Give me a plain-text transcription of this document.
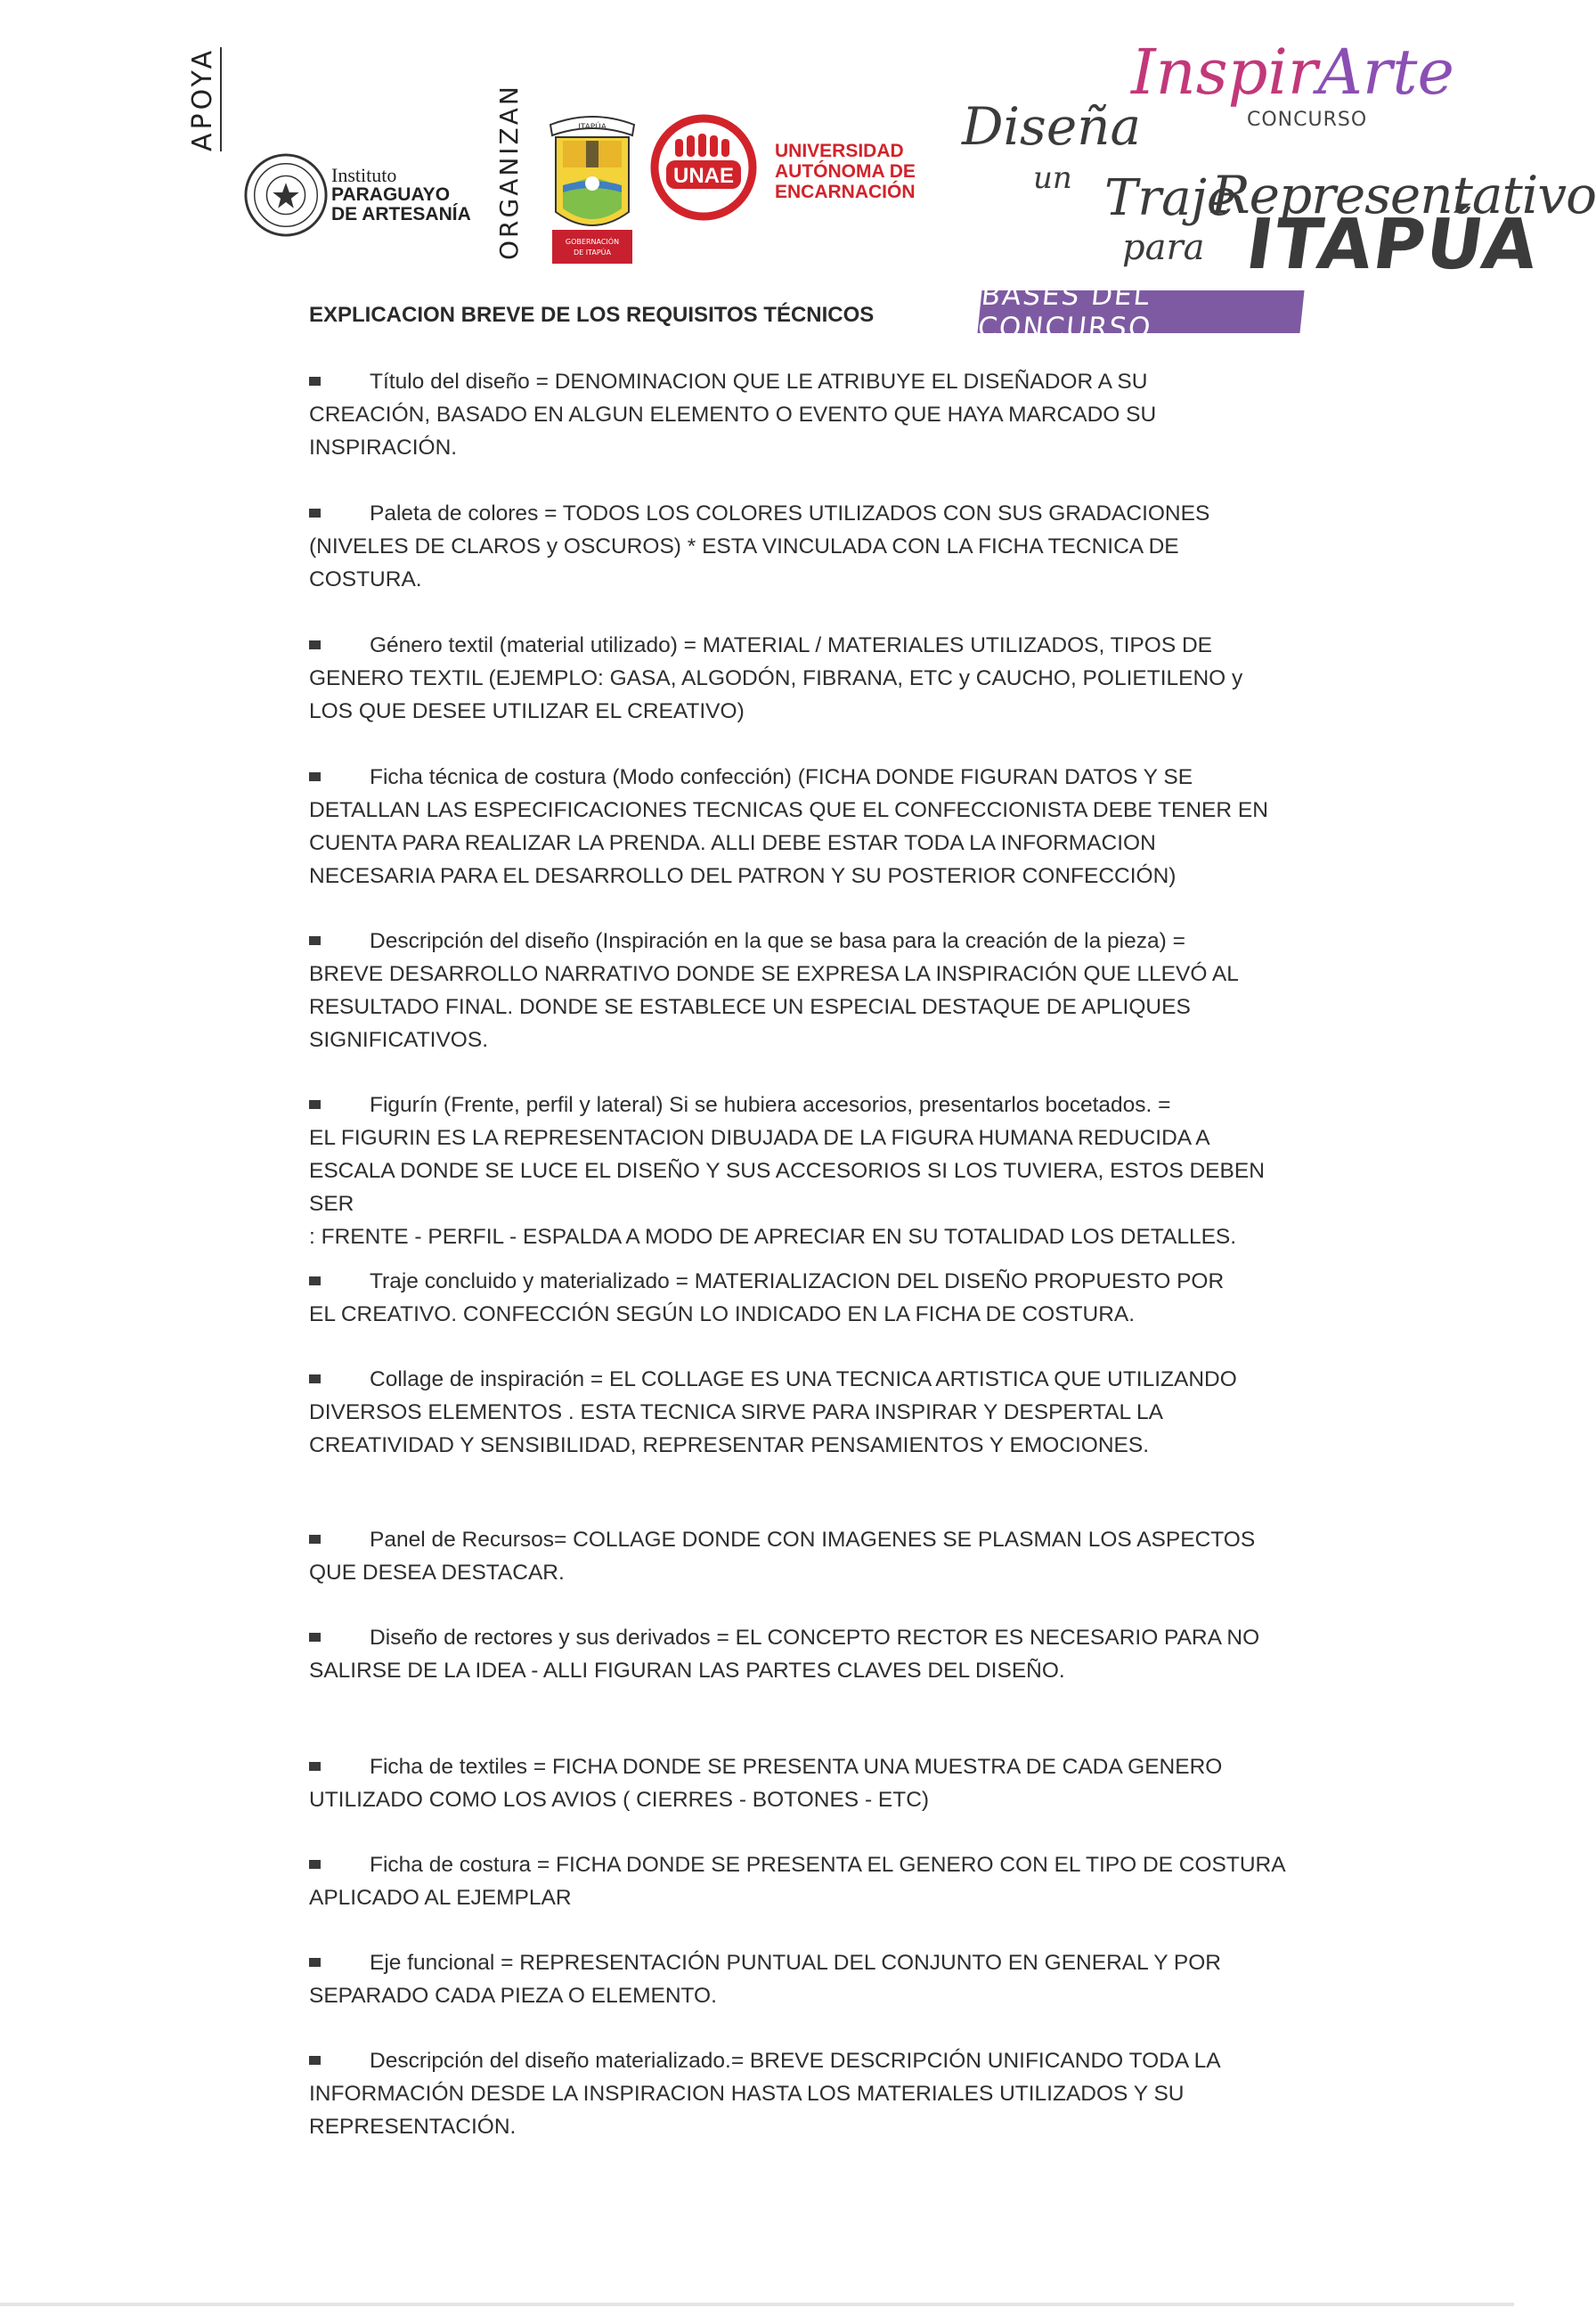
APOYA
Instituto
PARAGUAYO
DE ARTESANÍA ORGANIZAN	ITAPÚA
GOBERNACIÓN
DE ITAPÚA
UNAE
UNIVERSIDAD
AUTÓNOMA DE
ENCARNACIÓN
InspirArte
CONCURSO
Diseña
un Traje
Representativo
para ITAPÚA
BASES DEL CONCURSO
EXPLICACION BREVE DE LOS REQUISITOS TÉCNICOS
Título del diseño = DENOMINACION QUE LE ATRIBUYE EL DISEÑADOR A SU
CREACIÓN, BASADO EN ALGUN ELEMENTO O EVENTO QUE HAYA MARCADO SU
INSPIRACIÓN.
Paleta de colores = TODOS LOS COLORES UTILIZADOS CON SUS GRADACIONES
(NIVELES DE CLAROS y OSCUROS) * ESTA VINCULADA CON LA FICHA TECNICA DE
COSTURA.
Género textil (material utilizado) = MATERIAL / MATERIALES UTILIZADOS, TIPOS DE
GENERO TEXTIL (EJEMPLO: GASA, ALGODÓN, FIBRANA, ETC y CAUCHO, POLIETILENO y
LOS QUE DESEE UTILIZAR EL CREATIVO)
Ficha técnica de costura (Modo confección) (FICHA DONDE FIGURAN DATOS Y SE
DETALLAN LAS ESPECIFICACIONES TECNICAS QUE EL CONFECCIONISTA DEBE TENER EN
CUENTA PARA REALIZAR LA PRENDA. ALLI DEBE ESTAR TODA LA INFORMACION
NECESARIA PARA EL DESARROLLO DEL PATRON Y SU POSTERIOR CONFECCIÓN)
Descripción del diseño (Inspiración en la que se basa para la creación de la pieza) =
BREVE DESARROLLO NARRATIVO DONDE SE EXPRESA LA INSPIRACIÓN QUE LLEVÓ AL
RESULTADO FINAL. DONDE SE ESTABLECE UN ESPECIAL DESTAQUE DE APLIQUES
SIGNIFICATIVOS.
Figurín (Frente, perfil y lateral) Si se hubiera accesorios, presentarlos bocetados. =
EL FIGURIN ES LA REPRESENTACION DIBUJADA DE LA FIGURA HUMANA REDUCIDA A
ESCALA DONDE SE LUCE EL DISEÑO Y SUS ACCESORIOS SI LOS TUVIERA, ESTOS DEBEN SER
: FRENTE - PERFIL - ESPALDA A MODO DE APRECIAR EN SU TOTALIDAD LOS DETALLES.
Traje concluido y materializado = MATERIALIZACION DEL DISEÑO PROPUESTO POR
EL CREATIVO. CONFECCIÓN SEGÚN LO INDICADO EN LA FICHA DE COSTURA.
Collage de inspiración = EL COLLAGE ES UNA TECNICA ARTISTICA QUE UTILIZANDO
DIVERSOS ELEMENTOS . ESTA TECNICA SIRVE PARA INSPIRAR Y DESPERTAL LA
CREATIVIDAD Y SENSIBILIDAD, REPRESENTAR PENSAMIENTOS Y EMOCIONES.
Panel de Recursos= COLLAGE DONDE CON IMAGENES SE PLASMAN LOS ASPECTOS
QUE DESEA DESTACAR.
Diseño de rectores y sus derivados = EL CONCEPTO RECTOR ES NECESARIO PARA NO
SALIRSE DE LA IDEA - ALLI FIGURAN LAS PARTES CLAVES DEL DISEÑO.
Ficha de textiles = FICHA DONDE SE PRESENTA UNA MUESTRA DE CADA GENERO
UTILIZADO COMO LOS AVIOS ( CIERRES - BOTONES - ETC)
Ficha de costura = FICHA DONDE SE PRESENTA EL GENERO CON EL TIPO DE COSTURA
APLICADO AL EJEMPLAR
Eje funcional = REPRESENTACIÓN PUNTUAL DEL CONJUNTO EN GENERAL Y POR
SEPARADO CADA PIEZA O ELEMENTO.
Descripción del diseño materializado.= BREVE DESCRIPCIÓN UNIFICANDO TODA LA
INFORMACIÓN DESDE LA INSPIRACION HASTA LOS MATERIALES UTILIZADOS Y SU
REPRESENTACIÓN.
